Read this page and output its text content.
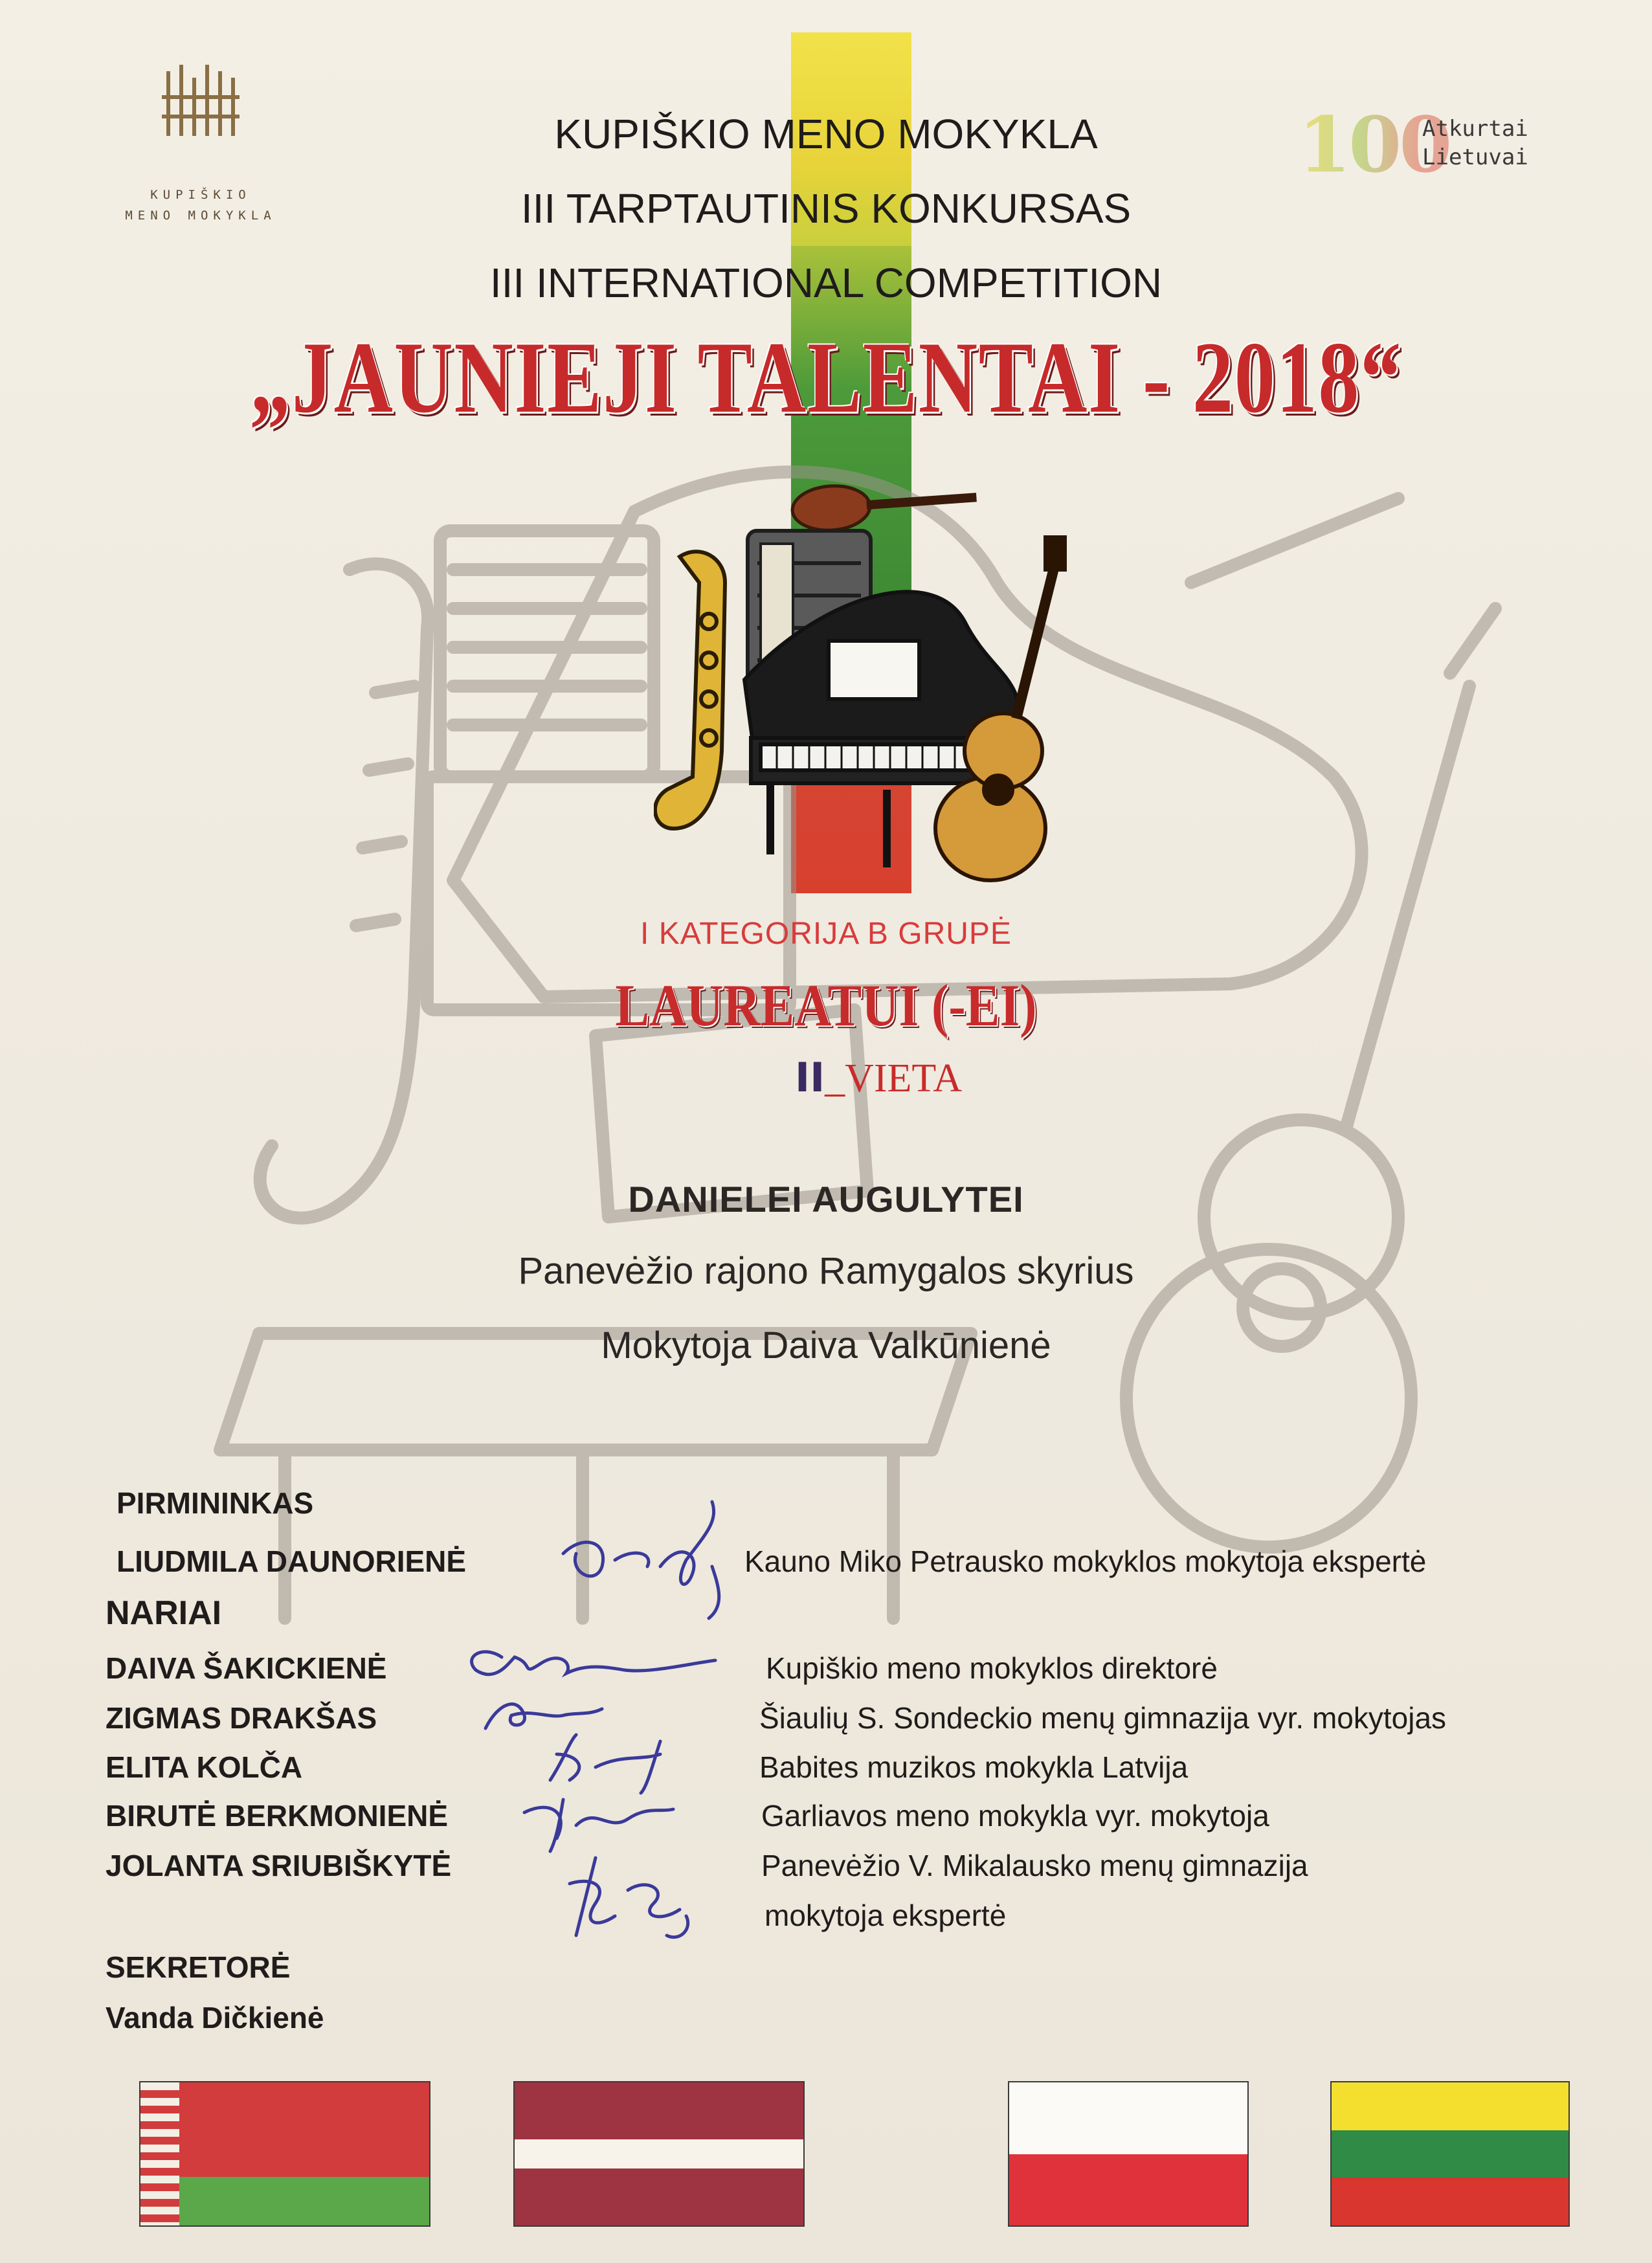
KUPIŠKIO
MENO MOKYKLA
100
Atkurtai
Lietuvai
KUPIŠKIO MENO MOKYKLA
III TARPTAUTINIS KONKURSAS
III INTERNATIONAL COMPETITION
„JAUNIEJI TALENTAI - 2018“
I KATEGORIJA B GRUPĖ
LAUREATUI (-EI)
II_VIETA
DANIELEI AUGULYTEI
Panevėžio rajono Ramygalos skyrius
Mokytoja Daiva Valkūnienė
PIRMININKAS
LIUDMILA DAUNORIENĖ	Kauno Miko Petrausko mokyklos mokytoja ekspertė
NARIAI
DAIVA ŠAKICKIENĖ	Kupiškio meno mokyklos direktorė
ZIGMAS DRAKŠAS	Šiaulių S. Sondeckio menų gimnazija vyr. mokytojas
ELITA KOLČA	Babites muzikos mokykla Latvija
BIRUTĖ BERKMONIENĖ	Garliavos meno mokykla vyr. mokytoja
JOLANTA SRIUBIŠKYTĖ	Panevėžio V. Mikalausko menų gimnazija
mokytoja ekspertė
SEKRETORĖ
Vanda Dičkienė
